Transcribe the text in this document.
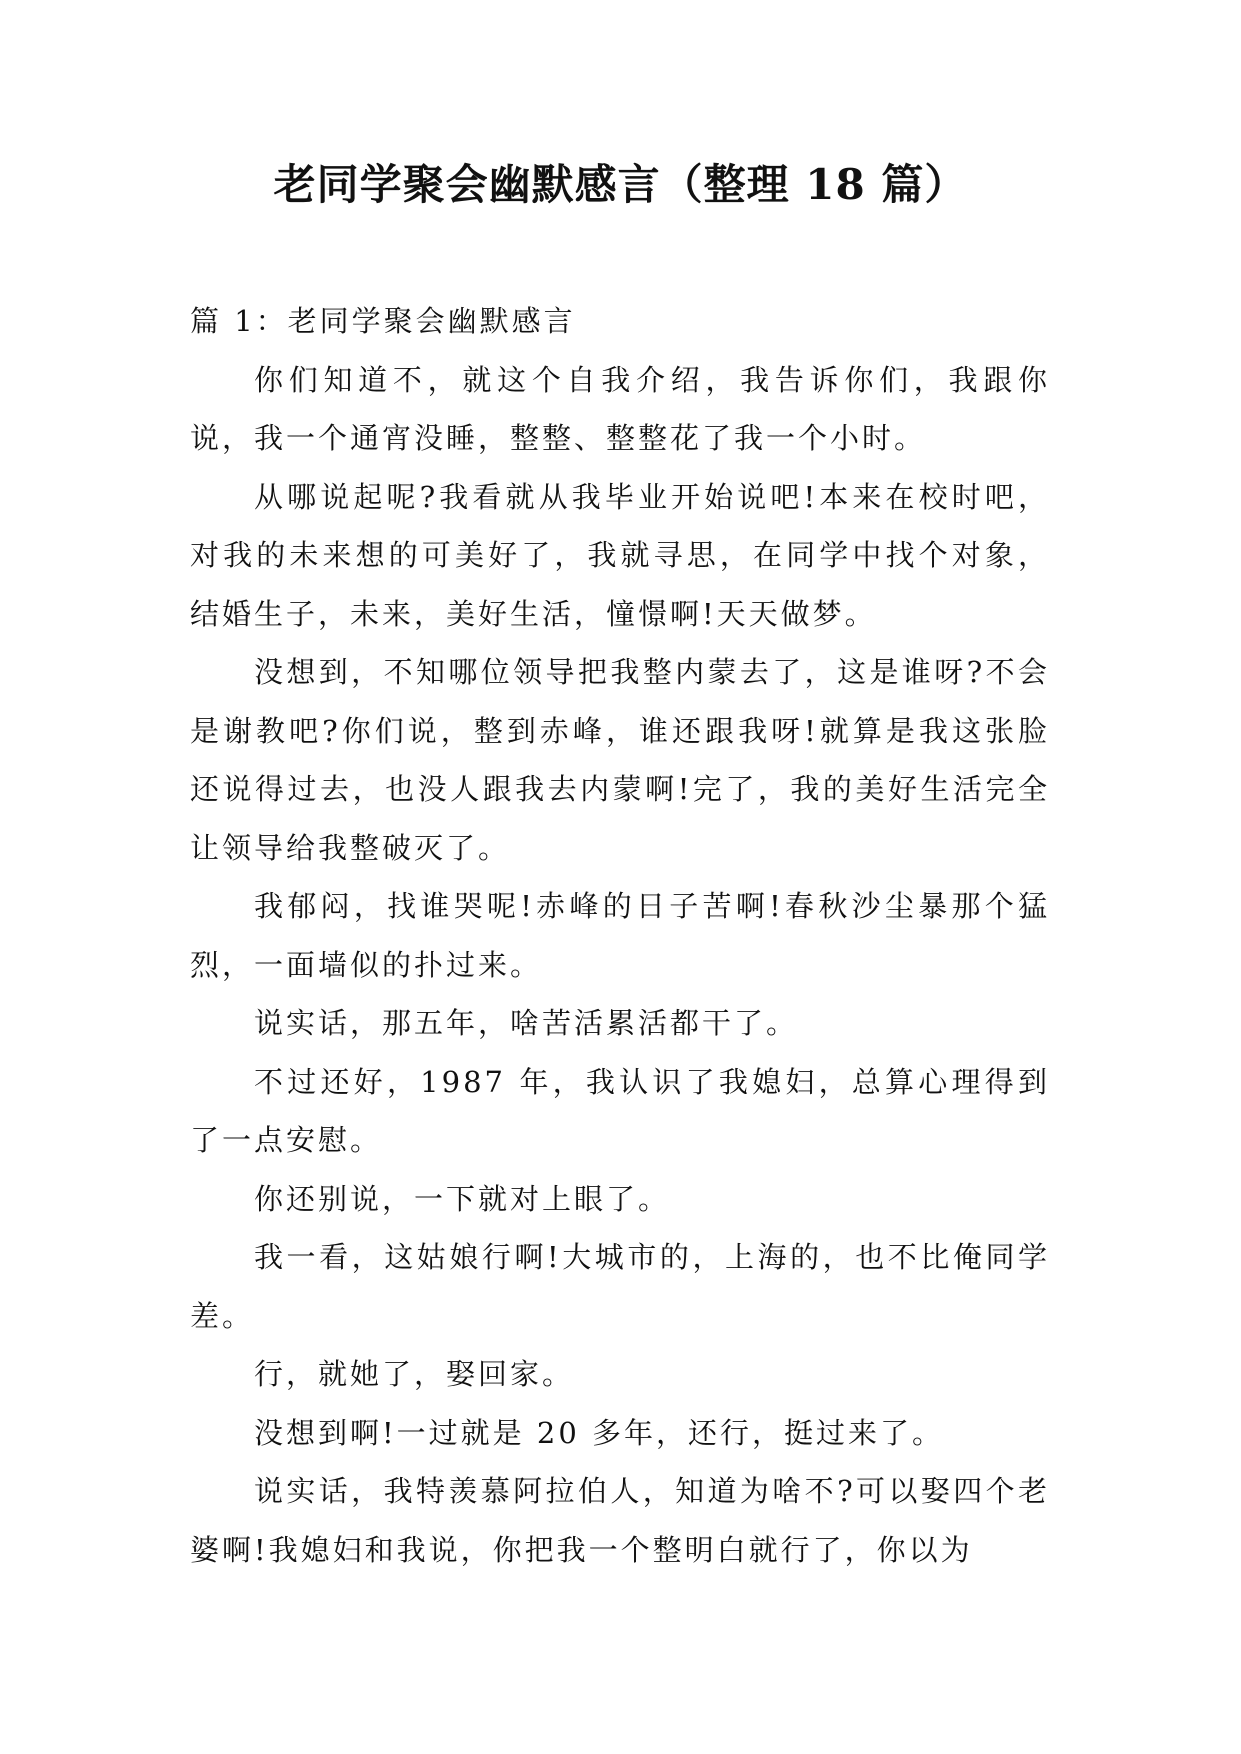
老同学聚会幽默感言（整理 18 篇）
篇 1：老同学聚会幽默感言

你们知道不，就这个自我介绍，我告诉你们，我跟你说，我一个通宵没睡，整整、整整花了我一个小时。

从哪说起呢?我看就从我毕业开始说吧!本来在校时吧，对我的未来想的可美好了，我就寻思，在同学中找个对象，结婚生子，未来，美好生活，憧憬啊!天天做梦。

没想到，不知哪位领导把我整内蒙去了，这是谁呀?不会是谢教吧?你们说，整到赤峰，谁还跟我呀!就算是我这张脸还说得过去，也没人跟我去内蒙啊!完了，我的美好生活完全让领导给我整破灭了。

我郁闷，找谁哭呢!赤峰的日子苦啊!春秋沙尘暴那个猛烈，一面墙似的扑过来。

说实话，那五年，啥苦活累活都干了。

不过还好，1987 年，我认识了我媳妇，总算心理得到了一点安慰。

你还别说，一下就对上眼了。

我一看，这姑娘行啊!大城市的，上海的，也不比俺同学差。

行，就她了，娶回家。

没想到啊!一过就是 20 多年，还行，挺过来了。

说实话，我特羡慕阿拉伯人，知道为啥不?可以娶四个老婆啊!我媳妇和我说，你把我一个整明白就行了，你以为
